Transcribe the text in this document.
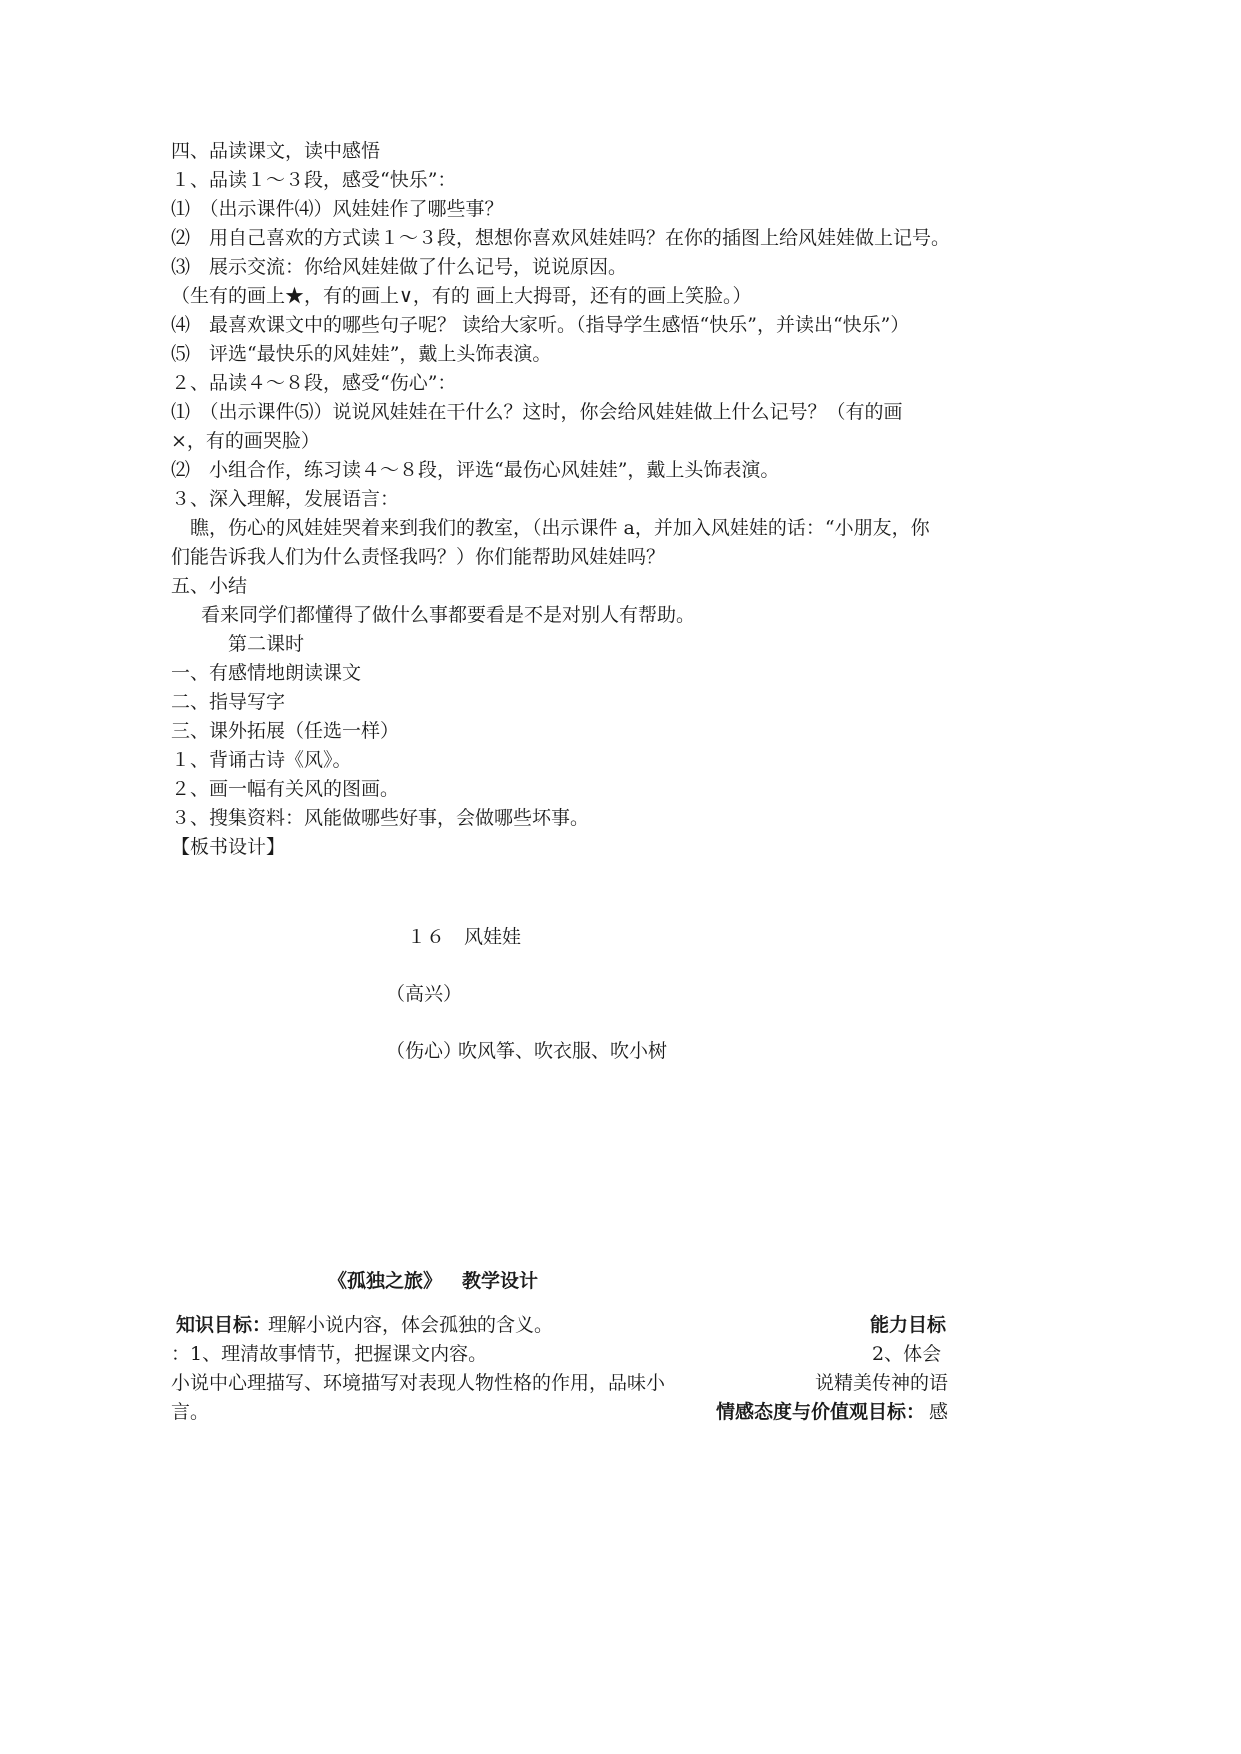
四、品读课文，读中感悟

１、品读１～３段，感受“快乐”：

⑴　（出示课件⑷）风娃娃作了哪些事？

⑵　用自己喜欢的方式读１～３段，想想你喜欢风娃娃吗？在你的插图上给风娃娃做上记号。

⑶　展示交流：你给风娃娃做了什么记号，说说原因。

（生有的画上★，有的画上∨，有的 画上大拇哥，还有的画上笑脸。）

⑷　最喜欢课文中的哪些句子呢？ 读给大家听。（指导学生感悟“快乐”，并读出“快乐”）

⑸　评选“最快乐的风娃娃”，戴上头饰表演。

２、品读４～８段，感受“伤心”：

⑴　（出示课件⑸）说说风娃娃在干什么？这时，你会给风娃娃做上什么记号？（有的画

×，有的画哭脸）

⑵　小组合作，练习读４～８段，评选“最伤心风娃娃”，戴上头饰表演。

３、深入理解，发展语言：

瞧，伤心的风娃娃哭着来到我们的教室，（出示课件 a，并加入风娃娃的话：“小朋友，你

们能告诉我人们为什么责怪我吗？）你们能帮助风娃娃吗？

五、小结

看来同学们都懂得了做什么事都要看是不是对别人有帮助。

第二课时

一、有感情地朗读课文

二、指导写字

三、课外拓展（任选一样）

１、背诵古诗《风》。

２、画一幅有关风的图画。

３、搜集资料：风能做哪些好事，会做哪些坏事。

【板书设计】

１６　风娃娃

（高兴）

（伤心）

吹风筝、吹衣服、吹小树

《孤独之旅》 教学设计

知识目标：

理解小说内容，体会孤独的含义。	能力目标

：1、理清故事情节，把握课文内容。	2、体会

小说中心理描写、环境描写对表现人物性格的作用，品味小	说精美传神的语

言。	情感态度与价值观目标： 感
